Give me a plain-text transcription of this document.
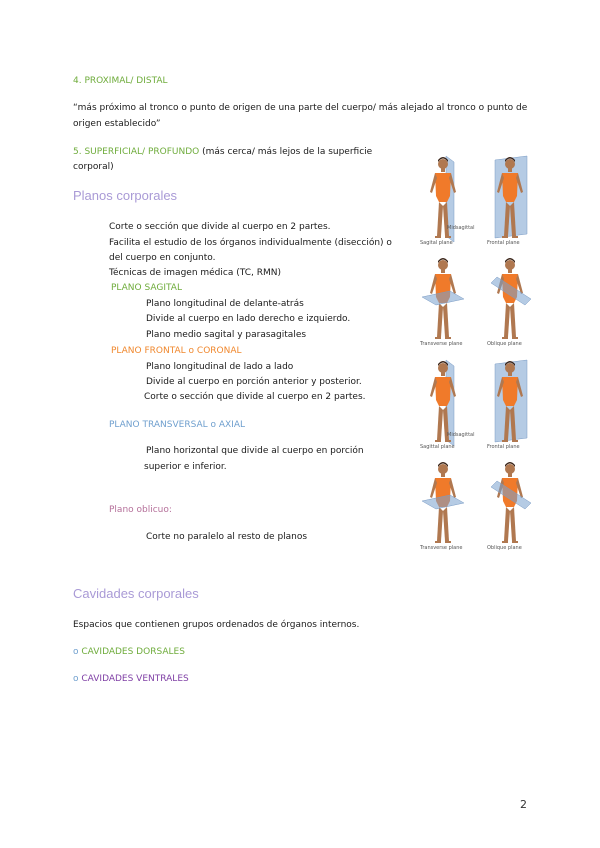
4. PROXIMAL/ DISTAL
“más próximo al tronco o punto de origen de una parte del cuerpo/ más alejado al tronco o punto de
origen establecido”
5. SUPERFICIAL/ PROFUNDO (más cerca/ más lejos de la superficie
corporal)
Planos corporales
Corte o sección que divide al cuerpo en 2 partes.
Facilita el estudio de los órganos individualmente (disección) o
del cuerpo en conjunto.
Técnicas de imagen médica (TC, RMN)
PLANO SAGITAL
Plano longitudinal de delante-atrás
Divide al cuerpo en lado derecho e izquierdo.
Plano medio sagital y parasagitales
PLANO FRONTAL o CORONAL
Plano longitudinal de lado a lado
Divide al cuerpo en porción anterior y posterior.
Corte o sección que divide al cuerpo en 2 partes.
PLANO TRANSVERSAL o AXIAL
Plano horizontal que divide al cuerpo en porción
superior e inferior.
Plano oblicuo:
Corte no paralelo al resto de planos
Sagital plane	Frontal plane
Transverse plane	Oblique plane
Sagittal plane	Frontal plane
Transverse plane	Oblique plane
Midsagittal
Midsagittal
Cavidades corporales
Espacios que contienen grupos ordenados de órganos internos.
o CAVIDADES DORSALES
o CAVIDADES VENTRALES
2
